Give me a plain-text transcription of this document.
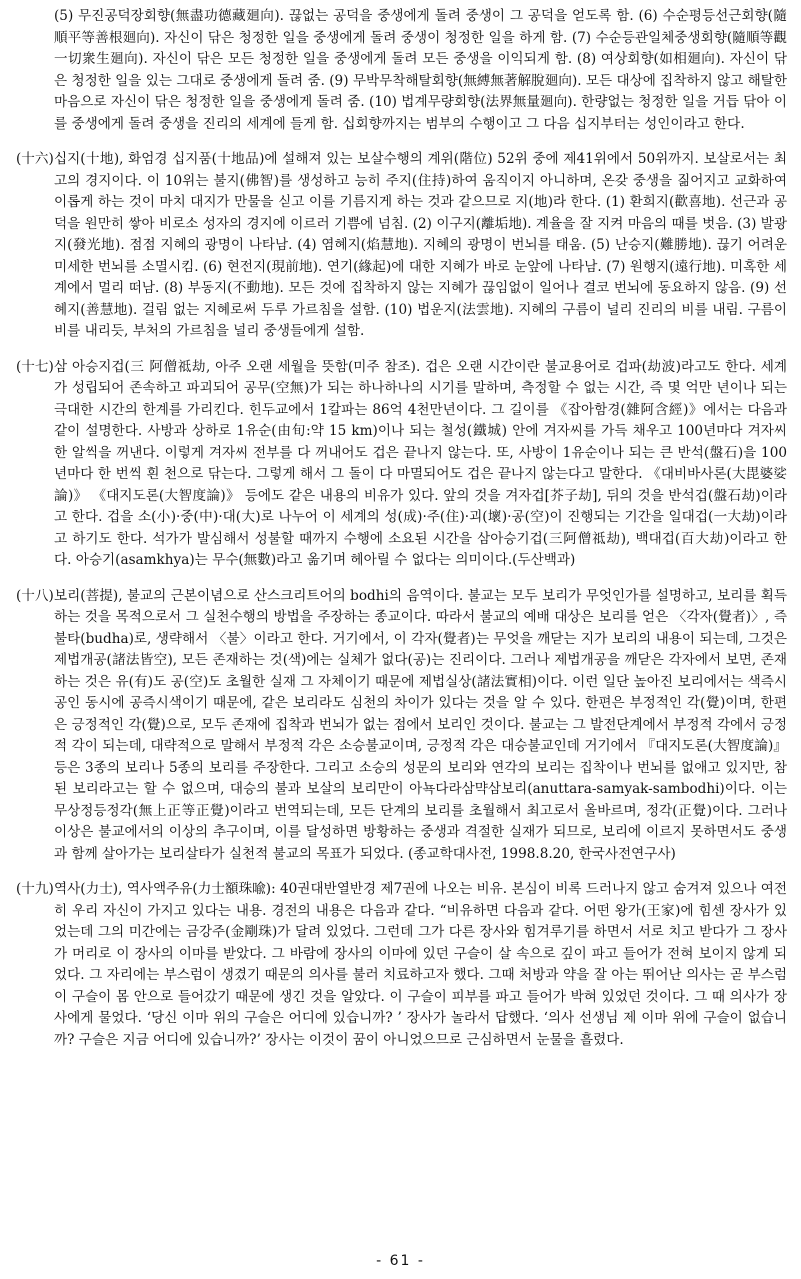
(5) 무진공덕장회향(無盡功德藏廻向). 끊없는 공덕을 중생에게 돌려 중생이 그 공덕을 얻도록 함. (6) 수순평등선근회향(隨順平等善根廻向). 자신이 닦은 청정한 일을 중생에게 돌려 중생이 청정한 일을 하게 함. (7) 수순등관일체중생회향(隨順等觀一切衆生廻向). 자신이 닦은 모든 청정한 일을 중생에게 돌려 모든 중생을 이익되게 함. (8) 여상회향(如相廻向). 자신이 닦은 청정한 일을 있는 그대로 중생에게 돌려 줌. (9) 무박무착해탈회향(無縛無著解脫廻向). 모든 대상에 집착하지 않고 해탈한 마음으로 자신이 닦은 청정한 일을 중생에게 돌려 줌. (10) 법계무량회향(法界無量廻向). 한량없는 청정한 일을 거듭 닦아 이를 중생에게 돌려 중생을 진리의 세계에 들게 함. 십회향까지는 범부의 수행이고 그 다음 십지부터는 성인이라고 한다.

(十六) 십지(十地), 화엄경 십지품(十地品)에 설해져 있는 보살수행의 계위(階位) 52위 중에 제41위에서 50위까지. 보살로서는 최고의 경지이다. 이 10위는 불지(佛智)를 생성하고 능히 주지(住持)하여 움직이지 아니하며, 온갖 중생을 짊어지고 교화하여 이롭게 하는 것이 마치 대지가 만물을 싣고 이를 기름지게 하는 것과 같으므로 지(地)라 한다. (1) 환희지(歡喜地). 선근과 공덕을 원만히 쌓아 비로소 성자의 경지에 이르러 기쁨에 넘침. (2) 이구지(離垢地). 계율을 잘 지켜 마음의 때를 벗음. (3) 발광지(發光地). 점점 지혜의 광명이 나타남. (4) 염혜지(焰慧地). 지혜의 광명이 번뇌를 태움. (5) 난승지(難勝地). 끊기 어려운 미세한 번뇌를 소멸시킴. (6) 현전지(現前地). 연기(緣起)에 대한 지혜가 바로 눈앞에 나타남. (7) 원행지(遠行地). 미혹한 세계에서 멀리 떠남. (8) 부동지(不動地). 모든 것에 집착하지 않는 지혜가 끊임없이 일어나 결코 번뇌에 동요하지 않음. (9) 선혜지(善慧地). 걸림 없는 지혜로써 두루 가르침을 설함. (10) 법운지(法雲地). 지혜의 구름이 널리 진리의 비를 내림. 구름이 비를 내리듯, 부처의 가르침을 널리 중생들에게 설함.

(十七) 삼 아승지겁(三 阿僧祗劫, 아주 오랜 세월을 뜻함(미주 참조). 겁은 오랜 시간이란 불교용어로 겁파(劫波)라고도 한다. 세계가 성립되어 존속하고 파괴되어 공무(空無)가 되는 하나하나의 시기를 말하며, 측정할 수 없는 시간, 즉 몇 억만 년이나 되는 극대한 시간의 한계를 가리킨다. 힌두교에서 1칼파는 86억 4천만년이다. 그 길이를 《잡아함경(雜阿含經)》에서는 다음과 같이 설명한다. 사방과 상하로 1유순(由旬:약 15 km)이나 되는 철성(鐵城) 안에 겨자씨를 가득 채우고 100년마다 겨자씨 한 알씩을 꺼낸다. 이렇게 겨자씨 전부를 다 꺼내어도 겁은 끝나지 않는다. 또, 사방이 1유순이나 되는 큰 반석(盤石)을 100년마다 한 번씩 흰 천으로 닦는다. 그렇게 해서 그 돌이 다 마멸되어도 겁은 끝나지 않는다고 말한다. 《대비바사론(大毘婆娑論)》 《대지도론(大智度論)》 등에도 같은 내용의 비유가 있다. 앞의 것을 겨자겁[芥子劫], 뒤의 것을 반석겁(盤石劫)이라고 한다. 겁을 소(小)·중(中)·대(大)로 나누어 이 세계의 성(成)·주(住)·괴(壞)·공(空)이 진행되는 기간을 일대겁(一大劫)이라고 하기도 한다. 석가가 발심해서 성불할 때까지 수행에 소요된 시간을 삼아승기겁(三阿僧祗劫), 백대겁(百大劫)이라고 한다. 아승기(asamkhya)는 무수(無數)라고 옮기며 헤아릴 수 없다는 의미이다.(두산백과)

(十八) 보리(菩提), 불교의 근본이념으로 산스크리트어의 bodhi의 음역이다. 불교는 모두 보리가 무엇인가를 설명하고, 보리를 획득하는 것을 목적으로서 그 실천수행의 방법을 주장하는 종교이다. 따라서 불교의 예배 대상은 보리를 얻은 〈각자(覺者)〉, 즉 불타(budha)로, 생략해서 〈불〉이라고 한다. 거기에서, 이 각자(覺者)는 무엇을 깨닫는 지가 보리의 내용이 되는데, 그것은 제법개공(諸法皆空), 모든 존재하는 것(색)에는 실체가 없다(공)는 진리이다. 그러나 제법개공을 깨닫은 각자에서 보면, 존재하는 것은 유(有)도 공(空)도 초월한 실재 그 자체이기 때문에 제법실상(諸法實相)이다. 이런 일단 높아진 보리에서는 색즉시공인 동시에 공즉시색이기 때문에, 같은 보리라도 심천의 차이가 있다는 것을 알 수 있다. 한편은 부정적인 각(覺)이며, 한편은 긍정적인 각(覺)으로, 모두 존재에 집착과 번뇌가 없는 점에서 보리인 것이다. 불교는 그 발전단계에서 부정적 각에서 긍정적 각이 되는데, 대략적으로 말해서 부정적 각은 소승불교이며, 긍정적 각은 대승불교인데 거기에서 『대지도론(大智度論)』 등은 3종의 보리나 5종의 보리를 주장한다. 그리고 소승의 성문의 보리와 연각의 보리는 집착이나 번뇌를 없애고 있지만, 참된 보리라고는 할 수 없으며, 대승의 불과 보살의 보리만이 아뇩다라삼먁삼보리(anuttara-samyak-sambodhi)이다. 이는 무상정등정각(無上正等正覺)이라고 번역되는데, 모든 단계의 보리를 초월해서 최고로서 올바르며, 정각(正覺)이다. 그러나 이상은 불교에서의 이상의 추구이며, 이를 달성하면 방황하는 중생과 격절한 실재가 되므로, 보리에 이르지 못하면서도 중생과 함께 살아가는 보리살타가 실천적 불교의 목표가 되었다. (종교학대사전, 1998.8.20, 한국사전연구사)

(十九) 역사(力士), 역사액주유(力士額珠喩): 40권대반열반경 제7권에 나오는 비유. 본심이 비록 드러나지 않고 숨겨져 있으나 여전히 우리 자신이 가지고 있다는 내용. 경전의 내용은 다음과 같다. “비유하면 다음과 같다. 어떤 왕가(王家)에 힘센 장사가 있었는데 그의 미간에는 금강주(金剛珠)가 달려 있었다. 그런데 그가 다른 장사와 힘겨루기를 하면서 서로 치고 받다가 그 장사가 머리로 이 장사의 이마를 받았다. 그 바람에 장사의 이마에 있던 구슬이 살 속으로 깊이 파고 들어가 전혀 보이지 않게 되었다. 그 자리에는 부스럼이 생겼기 때문의 의사를 불러 치료하고자 했다. 그때 처방과 약을 잘 아는 뛰어난 의사는 곧 부스럼이 구슬이 몸 안으로 들어갔기 때문에 생긴 것을 알았다. 이 구슬이 피부를 파고 들어가 박혀 있었던 것이다. 그 때 의사가 장사에게 물었다. ‘당신 이마 위의 구슬은 어디에 있습니까? ’ 장사가 놀라서 답했다. ‘의사 선생님 제 이마 위에 구슬이 없습니까? 구슬은 지금 어디에 있습니까?’ 장사는 이것이 꿈이 아니었으므로 근심하면서 눈물을 흘렸다.

- 61 -
